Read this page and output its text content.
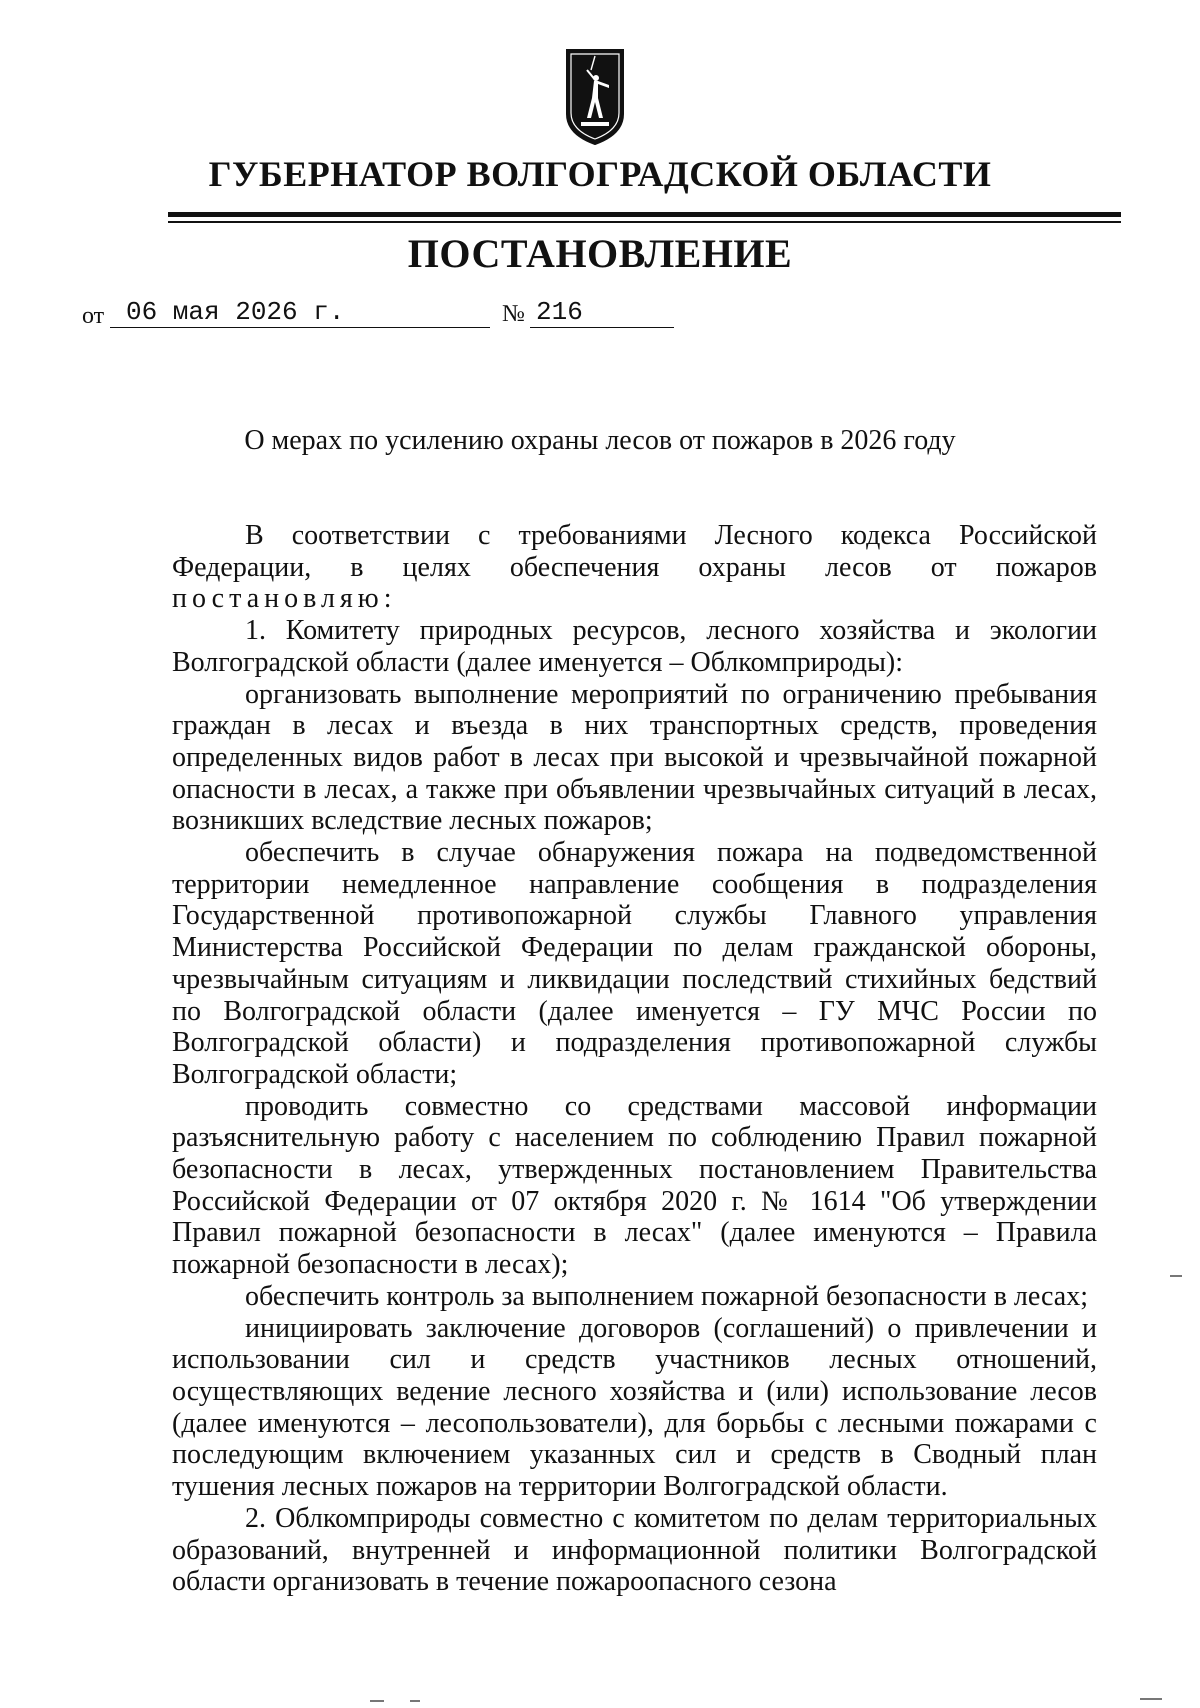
ГУБЕРНАТОР ВОЛГОГРАДСКОЙ ОБЛАСТИ
ПОСТАНОВЛЕНИЕ
от 06 мая 2026 г.	№ 216
О мерах по усилению охраны лесов от пожаров в 2026 году

В соответствии с требованиями Лесного кодекса Российской Федерации, в целях обеспечения охраны лесов от пожаров постановляю:

1. Комитету природных ресурсов, лесного хозяйства и экологии Волгоградской области (далее именуется – Облкомприроды):

организовать выполнение мероприятий по ограничению пребывания граждан в лесах и въезда в них транспортных средств, проведения определенных видов работ в лесах при высокой и чрезвычайной пожарной опасности в лесах, а также при объявлении чрезвычайных ситуаций в лесах, возникших вследствие лесных пожаров;

обеспечить в случае обнаружения пожара на подведомственной территории немедленное направление сообщения в подразделения Государственной противопожарной службы Главного управления Министерства Российской Федерации по делам гражданской обороны, чрезвычайным ситуациям и ликвидации последствий стихийных бедствий по Волгоградской области (далее именуется – ГУ МЧС России по Волгоградской области) и подразделения противопожарной службы Волгоградской области;

проводить совместно со средствами массовой информации разъяснительную работу с населением по соблюдению Правил пожарной безопасности в лесах, утвержденных постановлением Правительства Российской Федерации от 07 октября 2020 г. № 1614 "Об утверждении Правил пожарной безопасности в лесах" (далее именуются – Правила пожарной безопасности в лесах);

обеспечить контроль за выполнением пожарной безопасности в лесах;

инициировать заключение договоров (соглашений) о привлечении и использовании сил и средств участников лесных отношений, осуществляющих ведение лесного хозяйства и (или) использование лесов (далее именуются – лесопользователи), для борьбы с лесными пожарами с последующим включением указанных сил и средств в Сводный план тушения лесных пожаров на территории Волгоградской области.

2. Облкомприроды совместно с комитетом по делам территориальных образований, внутренней и информационной политики Волгоградской области организовать в течение пожароопасного сезона
